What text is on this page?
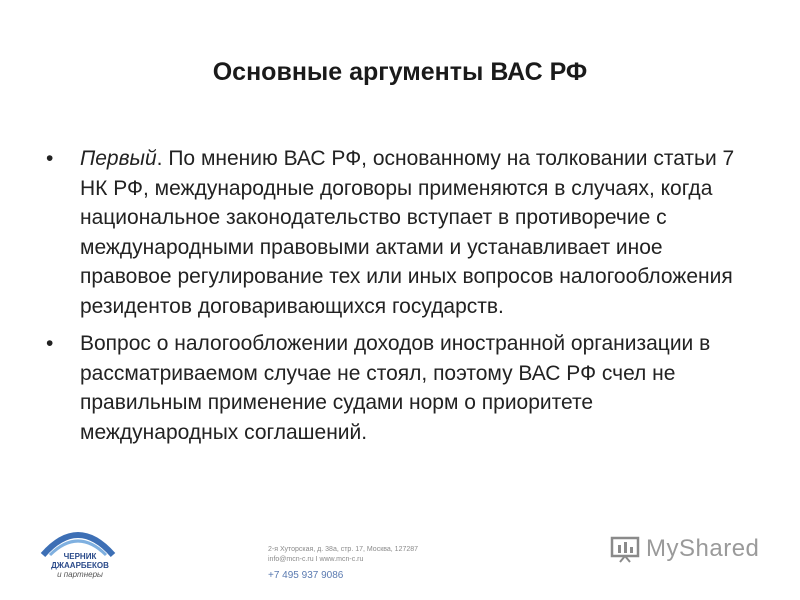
Основные аргументы ВАС РФ
• Первый. По мнению ВАС РФ, основанному на толковании статьи 7 НК РФ, международные договоры применяются в случаях, когда национальное законодательство вступает в противоречие с международными правовыми актами и устанавливает иное правовое регулирование тех или иных вопросов налогообложения резидентов договаривающихся государств.
• Вопрос о налогообложении доходов иностранной организации в рассматриваемом случае не стоял, поэтому ВАС РФ счел не правильным применение судами норм о приоритете международных соглашений.
ЧЕРНИК
ДЖААРБЕКОВ
и партнеры
2-я Хуторская, д. 38а, стр. 17, Москва, 127287
info@mcn-c.ru I www.mcn-c.ru
+7 495 937 9086
MyShared
